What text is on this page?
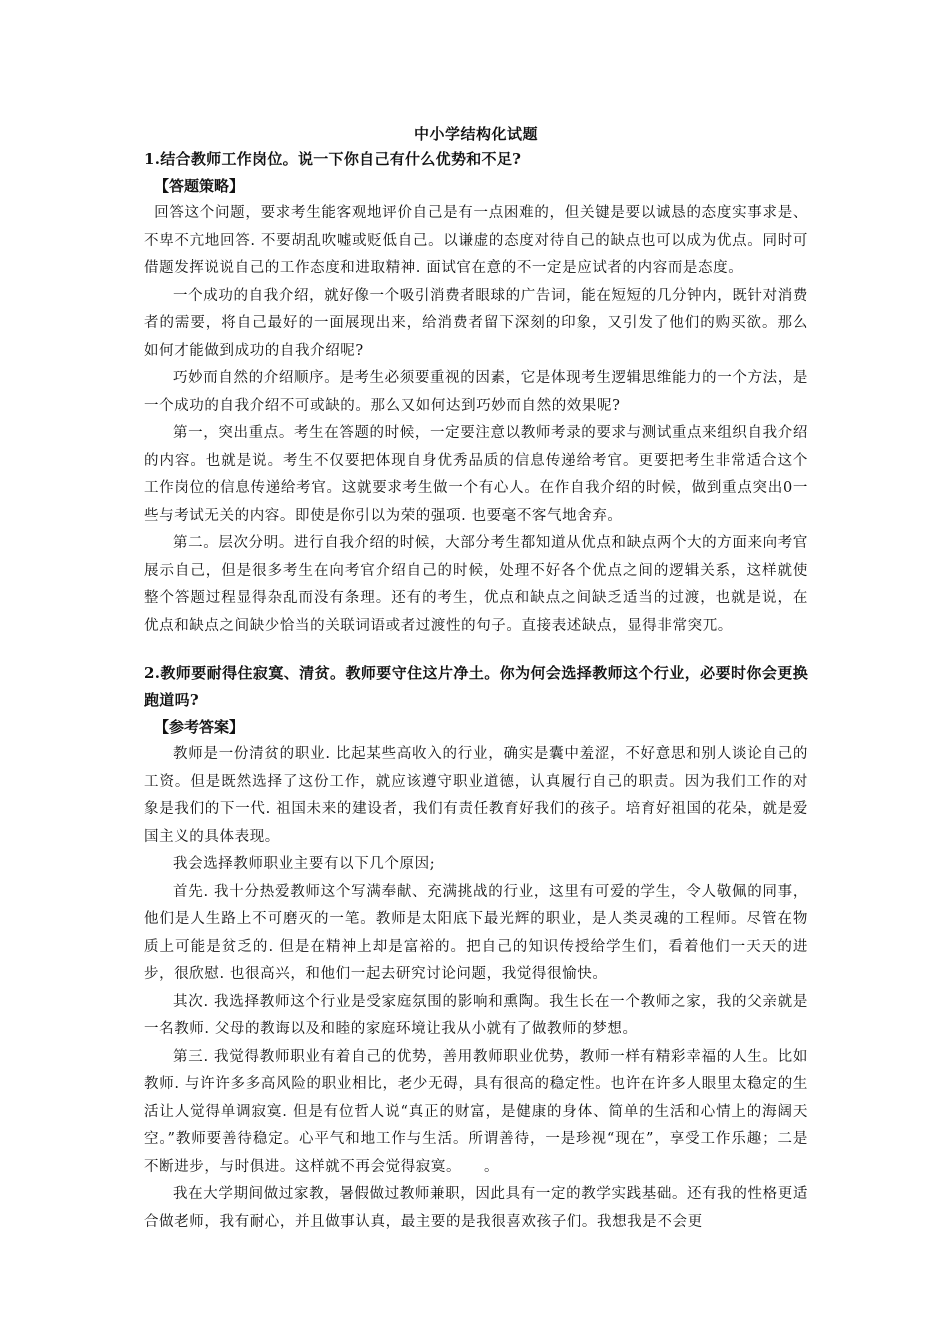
中小学结构化试题

1.结合教师工作岗位。说一下你自己有什么优势和不足?

【答题策略】

回答这个问题，要求考生能客观地评价自己是有一点困难的，但关键是要以诚恳的态度实事求是、不卑不亢地回答. 不要胡乱吹嘘或贬低自己。以谦虚的态度对待自己的缺点也可以成为优点。同时可借题发挥说说自己的工作态度和进取精神. 面试官在意的不一定是应试者的内容而是态度。

一个成功的自我介绍，就好像一个吸引消费者眼球的广告词，能在短短的几分钟内，既针对消费者的需要，将自己最好的一面展现出来，给消费者留下深刻的印象，又引发了他们的购买欲。那么如何才能做到成功的自我介绍呢?

巧妙而自然的介绍顺序。是考生必须要重视的因素，它是体现考生逻辑思维能力的一个方法，是一个成功的自我介绍不可或缺的。那么又如何达到巧妙而自然的效果呢?

第一，突出重点。考生在答题的时候，一定要注意以教师考录的要求与测试重点来组织自我介绍的内容。也就是说。考生不仅要把体现自身优秀品质的信息传递给考官。更要把考生非常适合这个工作岗位的信息传递给考官。这就要求考生做一个有心人。在作自我介绍的时候，做到重点突出0一些与考试无关的内容。即使是你引以为荣的强项. 也要毫不客气地舍弃。

第二。层次分明。进行自我介绍的时候，大部分考生都知道从优点和缺点两个大的方面来向考官展示自己，但是很多考生在向考官介绍自己的时候，处理不好各个优点之间的逻辑关系，这样就使整个答题过程显得杂乱而没有条理。还有的考生，优点和缺点之间缺乏适当的过渡，也就是说，在优点和缺点之间缺少恰当的关联词语或者过渡性的句子。直接表述缺点，显得非常突兀。

2.教师要耐得住寂寞、清贫。教师要守住这片净土。你为何会选择教师这个行业，必要时你会更换跑道吗?

【参考答案】

教师是一份清贫的职业. 比起某些高收入的行业，确实是囊中羞涩，不好意思和别人谈论自己的工资。但是既然选择了这份工作，就应该遵守职业道德，认真履行自己的职责。因为我们工作的对象是我们的下一代. 祖国未来的建设者，我们有责任教育好我们的孩子。培育好祖国的花朵，就是爱国主义的具体表现。

我会选择教师职业主要有以下几个原因;

首先. 我十分热爱教师这个写满奉献、充满挑战的行业，这里有可爱的学生，令人敬佩的同事，他们是人生路上不可磨灭的一笔。教师是太阳底下最光辉的职业，是人类灵魂的工程师。尽管在物质上可能是贫乏的. 但是在精神上却是富裕的。把自己的知识传授给学生们，看着他们一天天的进步，很欣慰. 也很高兴，和他们一起去研究讨论问题，我觉得很愉快。

其次. 我选择教师这个行业是受家庭氛围的影响和熏陶。我生长在一个教师之家，我的父亲就是一名教师. 父母的教诲以及和睦的家庭环境让我从小就有了做教师的梦想。

第三. 我觉得教师职业有着自己的优势，善用教师职业优势，教师一样有精彩幸福的人生。比如教师. 与许许多多高风险的职业相比，老少无碍，具有很高的稳定性。也许在许多人眼里太稳定的生活让人觉得单调寂寞. 但是有位哲人说“真正的财富，是健康的身体、简单的生活和心情上的海阔天空。”教师要善待稳定。心平气和地工作与生活。所谓善待，一是珍视“现在”，享受工作乐趣；二是不断进步，与时俱进。这样就不再会觉得寂寞。　　。

我在大学期间做过家教，暑假做过教师兼职，因此具有一定的教学实践基础。还有我的性格更适合做老师，我有耐心，并且做事认真，最主要的是我很喜欢孩子们。我想我是不会更
